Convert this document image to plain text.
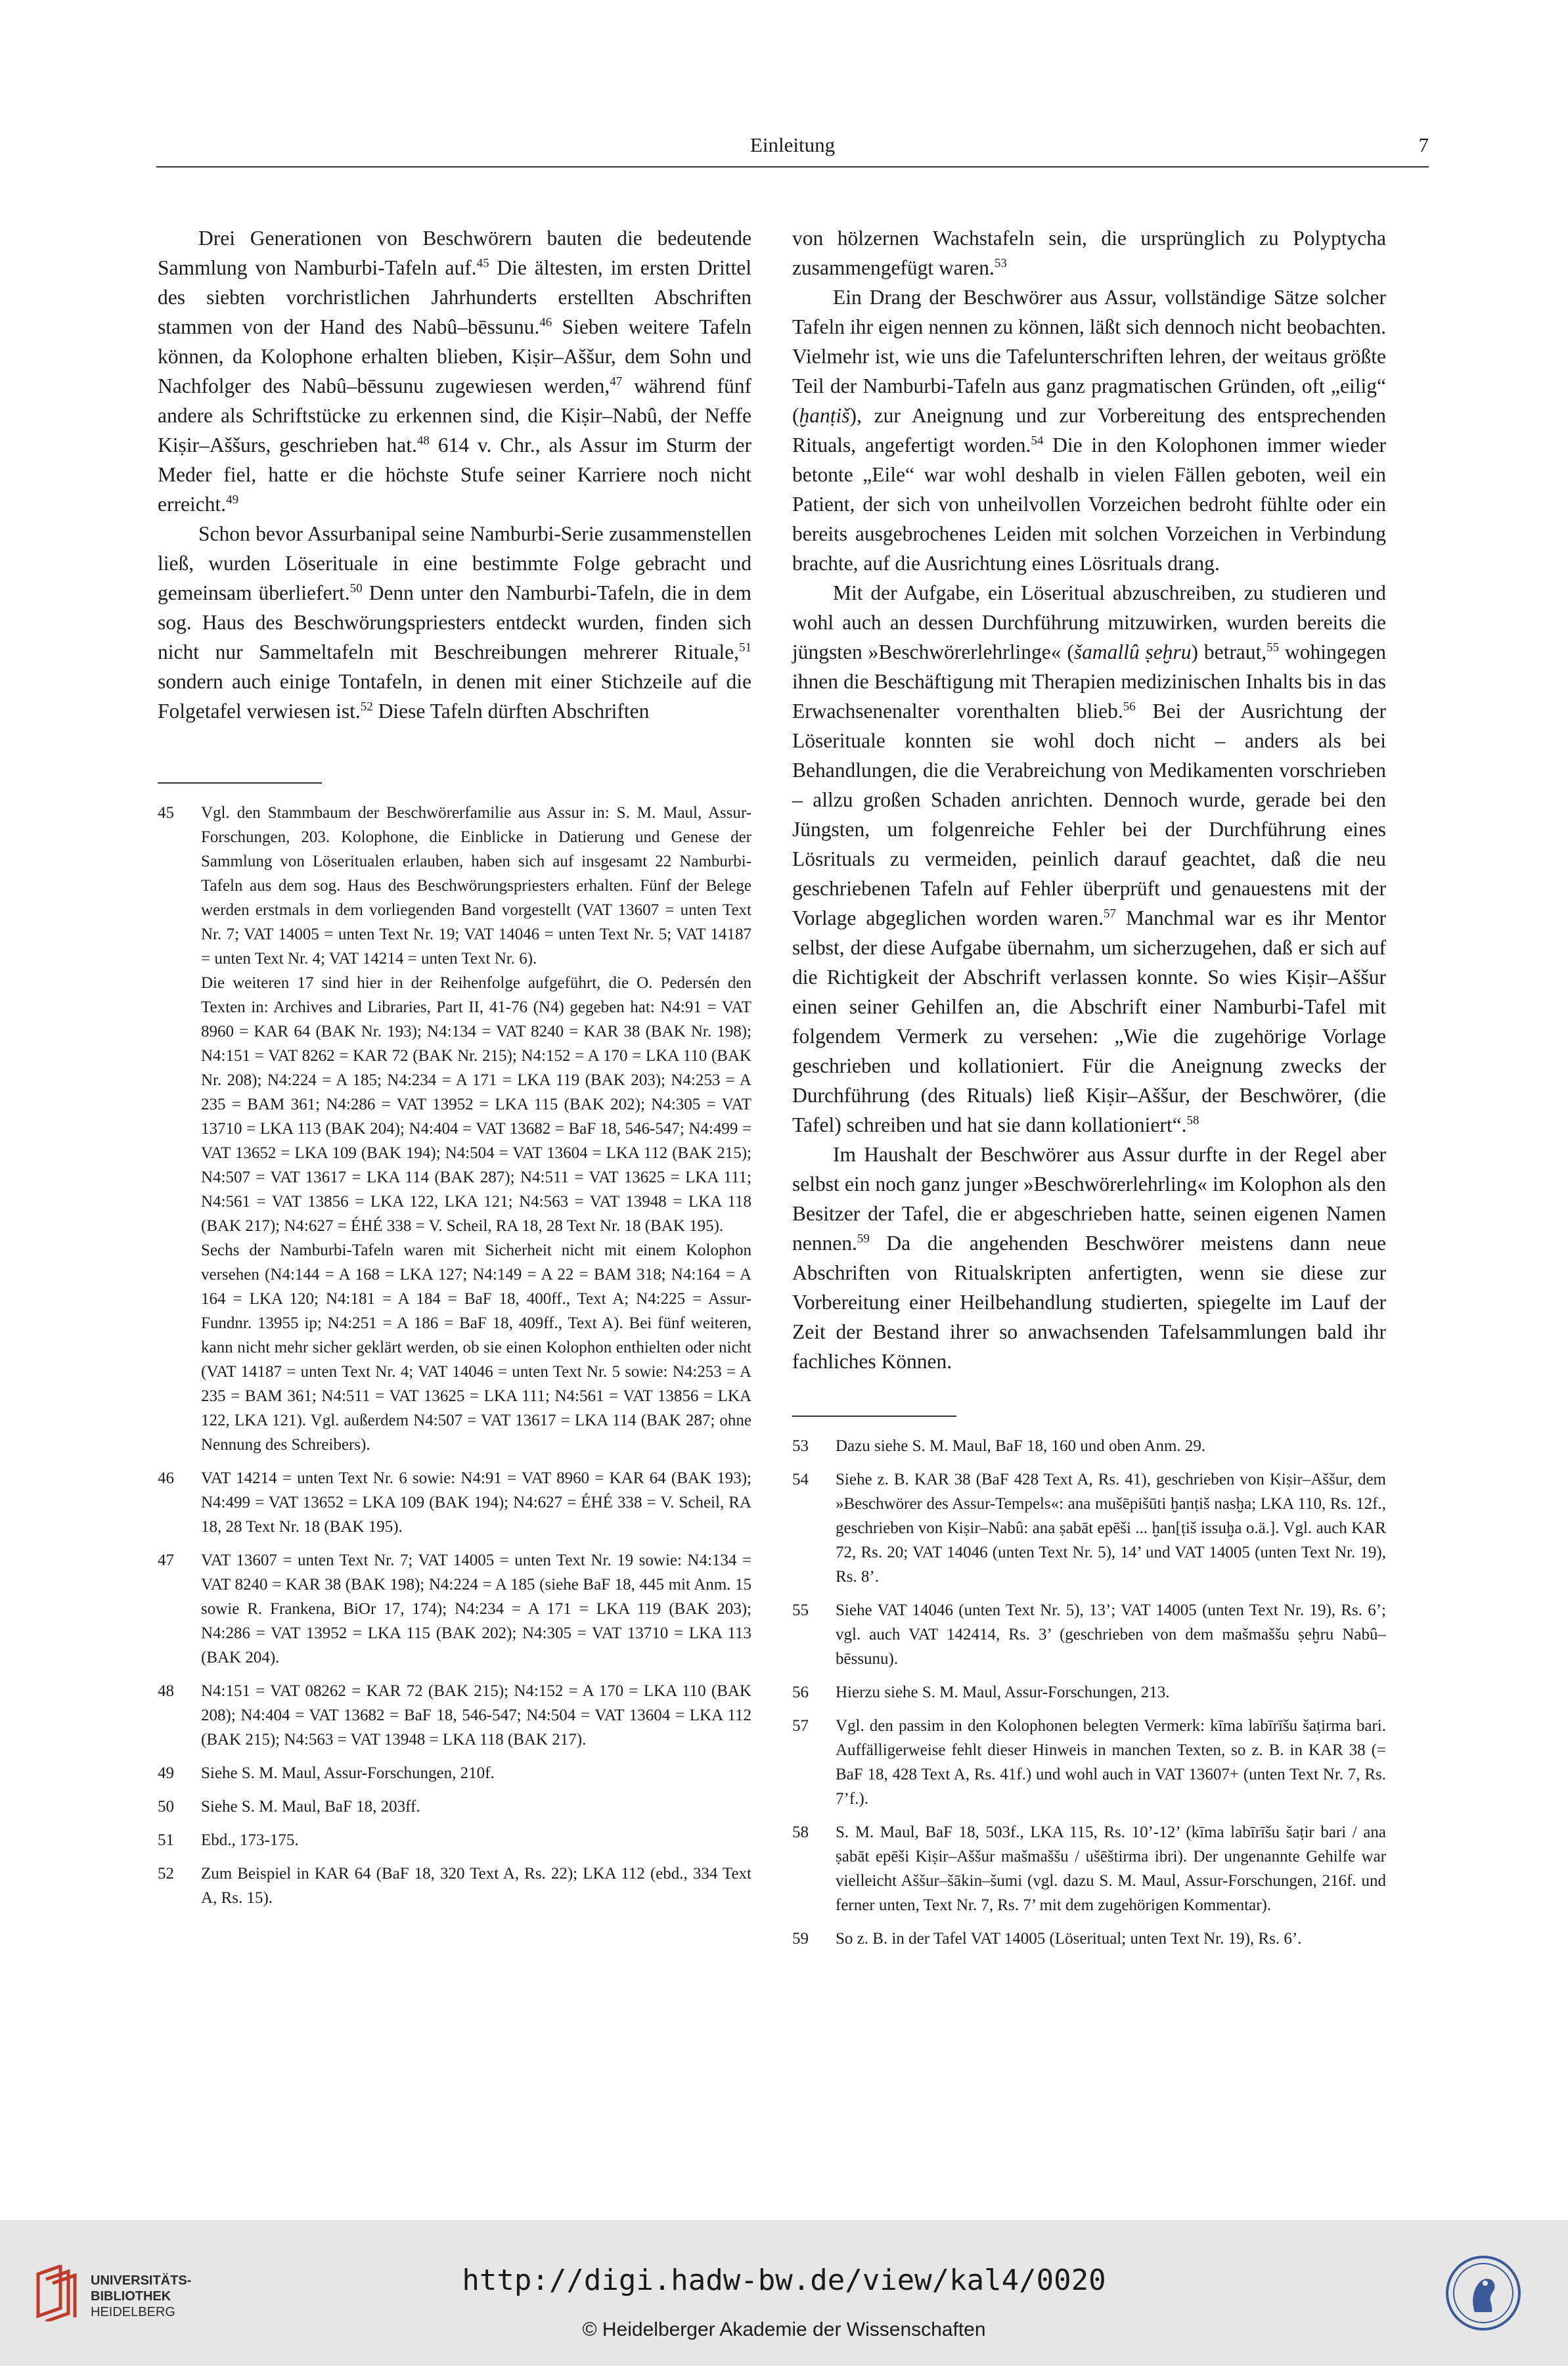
Einleitung	7

Drei Generationen von Beschwörern bauten die bedeutende Sammlung von Namburbi-Tafeln auf.$^{45}$ Die ältesten, im ersten Drittel des siebten vorchristlichen Jahrhunderts erstellten Abschriften stammen von der Hand des Nabû–bēssunu.$^{46}$ Sieben weitere Tafeln können, da Kolophone erhalten blieben, Kiṣir–Aššur, dem Sohn und Nachfolger des Nabû–bēssunu zugewiesen werden,$^{47}$ während fünf andere als Schriftstücke zu erkennen sind, die Kiṣir–Nabû, der Neffe Kiṣir–Aššurs, geschrieben hat.$^{48}$ 614 v. Chr., als Assur im Sturm der Meder fiel, hatte er die höchste Stufe seiner Karriere noch nicht erreicht.$^{49}$

Schon bevor Assurbanipal seine Namburbi-Serie zusammenstellen ließ, wurden Löserituale in eine bestimmte Folge gebracht und gemeinsam überliefert.$^{50}$ Denn unter den Namburbi-Tafeln, die in dem sog. Haus des Beschwörungspriesters entdeckt wurden, finden sich nicht nur Sammeltafeln mit Beschreibungen mehrerer Rituale,$^{51}$ sondern auch einige Tontafeln, in denen mit einer Stichzeile auf die Folgetafel verwiesen ist.$^{52}$ Diese Tafeln dürften Abschriften

45 Vgl. den Stammbaum der Beschwörerfamilie aus Assur in: S. M. Maul, Assur-Forschungen, 203. Kolophone, die Einblicke in Datierung und Genese der Sammlung von Löseritualen erlauben, haben sich auf insgesamt 22 Namburbi-Tafeln aus dem sog. Haus des Beschwörungspriesters erhalten. Fünf der Belege werden erstmals in dem vorliegenden Band vorgestellt (VAT 13607 = unten Text Nr. 7; VAT 14005 = unten Text Nr. 19; VAT 14046 = unten Text Nr. 5; VAT 14187 = unten Text Nr. 4; VAT 14214 = unten Text Nr. 6).
Die weiteren 17 sind hier in der Reihenfolge aufgeführt, die O. Pedersén den Texten in: Archives and Libraries, Part II, 41-76 (N4) gegeben hat: N4:91 = VAT 8960 = KAR 64 (BAK Nr. 193); N4:134 = VAT 8240 = KAR 38 (BAK Nr. 198); N4:151 = VAT 8262 = KAR 72 (BAK Nr. 215); N4:152 = A 170 = LKA 110 (BAK Nr. 208); N4:224 = A 185; N4:234 = A 171 = LKA 119 (BAK 203); N4:253 = A 235 = BAM 361; N4:286 = VAT 13952 = LKA 115 (BAK 202); N4:305 = VAT 13710 = LKA 113 (BAK 204); N4:404 = VAT 13682 = BaF 18, 546-547; N4:499 = VAT 13652 = LKA 109 (BAK 194); N4:504 = VAT 13604 = LKA 112 (BAK 215); N4:507 = VAT 13617 = LKA 114 (BAK 287); N4:511 = VAT 13625 = LKA 111; N4:561 = VAT 13856 = LKA 122, LKA 121; N4:563 = VAT 13948 = LKA 118 (BAK 217); N4:627 = ÉHÉ 338 = V. Scheil, RA 18, 28 Text Nr. 18 (BAK 195).
Sechs der Namburbi-Tafeln waren mit Sicherheit nicht mit einem Kolophon versehen (N4:144 = A 168 = LKA 127; N4:149 = A 22 = BAM 318; N4:164 = A 164 = LKA 120; N4:181 = A 184 = BaF 18, 400ff., Text A; N4:225 = Assur-Fundnr. 13955 ip; N4:251 = A 186 = BaF 18, 409ff., Text A). Bei fünf weiteren, kann nicht mehr sicher geklärt werden, ob sie einen Kolophon enthielten oder nicht (VAT 14187 = unten Text Nr. 4; VAT 14046 = unten Text Nr. 5 sowie: N4:253 = A 235 = BAM 361; N4:511 = VAT 13625 = LKA 111; N4:561 = VAT 13856 = LKA 122, LKA 121). Vgl. außerdem N4:507 = VAT 13617 = LKA 114 (BAK 287; ohne Nennung des Schreibers).
46 VAT 14214 = unten Text Nr. 6 sowie: N4:91 = VAT 8960 = KAR 64 (BAK 193); N4:499 = VAT 13652 = LKA 109 (BAK 194); N4:627 = ÉHÉ 338 = V. Scheil, RA 18, 28 Text Nr. 18 (BAK 195).
47 VAT 13607 = unten Text Nr. 7; VAT 14005 = unten Text Nr. 19 sowie: N4:134 = VAT 8240 = KAR 38 (BAK 198); N4:224 = A 185 (siehe BaF 18, 445 mit Anm. 15 sowie R. Frankena, BiOr 17, 174); N4:234 = A 171 = LKA 119 (BAK 203); N4:286 = VAT 13952 = LKA 115 (BAK 202); N4:305 = VAT 13710 = LKA 113 (BAK 204).
48 N4:151 = VAT 08262 = KAR 72 (BAK 215); N4:152 = A 170 = LKA 110 (BAK 208); N4:404 = VAT 13682 = BaF 18, 546-547; N4:504 = VAT 13604 = LKA 112 (BAK 215); N4:563 = VAT 13948 = LKA 118 (BAK 217).
49 Siehe S. M. Maul, Assur-Forschungen, 210f.
50 Siehe S. M. Maul, BaF 18, 203ff.
51 Ebd., 173-175.
52 Zum Beispiel in KAR 64 (BaF 18, 320 Text A, Rs. 22); LKA 112 (ebd., 334 Text A, Rs. 15).

von hölzernen Wachstafeln sein, die ursprünglich zu Polyptycha zusammengefügt waren.$^{53}$

Ein Drang der Beschwörer aus Assur, vollständige Sätze solcher Tafeln ihr eigen nennen zu können, läßt sich dennoch nicht beobachten. Vielmehr ist, wie uns die Tafelunterschriften lehren, der weitaus größte Teil der Namburbi-Tafeln aus ganz pragmatischen Gründen, oft „eilig“ (ḫanṭiš), zur Aneignung und zur Vorbereitung des entsprechenden Rituals, angefertigt worden.$^{54}$ Die in den Kolophonen immer wieder betonte „Eile“ war wohl deshalb in vielen Fällen geboten, weil ein Patient, der sich von unheilvollen Vorzeichen bedroht fühlte oder ein bereits ausgebrochenes Leiden mit solchen Vorzeichen in Verbindung brachte, auf die Ausrichtung eines Lösrituals drang.

Mit der Aufgabe, ein Löseritual abzuschreiben, zu studieren und wohl auch an dessen Durchführung mitzuwirken, wurden bereits die jüngsten »Beschwörerlehrlinge« (šamallû ṣeḫru) betraut,$^{55}$ wohingegen ihnen die Beschäftigung mit Therapien medizinischen Inhalts bis in das Erwachsenenalter vorenthalten blieb.$^{56}$ Bei der Ausrichtung der Löserituale konnten sie wohl doch nicht – anders als bei Behandlungen, die die Verabreichung von Medikamenten vorschrieben – allzu großen Schaden anrichten. Dennoch wurde, gerade bei den Jüngsten, um folgenreiche Fehler bei der Durchführung eines Lösrituals zu vermeiden, peinlich darauf geachtet, daß die neu geschriebenen Tafeln auf Fehler überprüft und genauestens mit der Vorlage abgeglichen worden waren.$^{57}$ Manchmal war es ihr Mentor selbst, der diese Aufgabe übernahm, um sicherzugehen, daß er sich auf die Richtigkeit der Abschrift verlassen konnte. So wies Kiṣir–Aššur einen seiner Gehilfen an, die Abschrift einer Namburbi-Tafel mit folgendem Vermerk zu versehen: „Wie die zugehörige Vorlage geschrieben und kollationiert. Für die Aneignung zwecks der Durchführung (des Rituals) ließ Kiṣir–Aššur, der Beschwörer, (die Tafel) schreiben und hat sie dann kollationiert“.$^{58}$

Im Haushalt der Beschwörer aus Assur durfte in der Regel aber selbst ein noch ganz junger »Beschwörerlehrling« im Kolophon als den Besitzer der Tafel, die er abgeschrieben hatte, seinen eigenen Namen nennen.$^{59}$ Da die angehenden Beschwörer meistens dann neue Abschriften von Ritualskripten anfertigten, wenn sie diese zur Vorbereitung einer Heilbehandlung studierten, spiegelte im Lauf der Zeit der Bestand ihrer so anwachsenden Tafelsammlungen bald ihr fachliches Können.

53 Dazu siehe S. M. Maul, BaF 18, 160 und oben Anm. 29.
54 Siehe z. B. KAR 38 (BaF 428 Text A, Rs. 41), geschrieben von Kiṣir–Aššur, dem »Beschwörer des Assur-Tempels«: ana mušēpišūti ḫanṭiš nasḫa; LKA 110, Rs. 12f., geschrieben von Kiṣir–Nabû: ana ṣabāt epēši ... ḫan[ṭiš issuḫa o.ä.]. Vgl. auch KAR 72, Rs. 20; VAT 14046 (unten Text Nr. 5), 14’ und VAT 14005 (unten Text Nr. 19), Rs. 8’.
55 Siehe VAT 14046 (unten Text Nr. 5), 13’; VAT 14005 (unten Text Nr. 19), Rs. 6’; vgl. auch VAT 142414, Rs. 3’ (geschrieben von dem mašmaššu ṣeḫru Nabû–bēssunu).
56 Hierzu siehe S. M. Maul, Assur-Forschungen, 213.
57 Vgl. den passim in den Kolophonen belegten Vermerk: kīma labīrīšu šaṭirma bari. Auffälligerweise fehlt dieser Hinweis in manchen Texten, so z. B. in KAR 38 (= BaF 18, 428 Text A, Rs. 41f.) und wohl auch in VAT 13607+ (unten Text Nr. 7, Rs. 7’f.).
58 S. M. Maul, BaF 18, 503f., LKA 115, Rs. 10’-12’ (kīma labīrīšu šaṭir bari / ana ṣabāt epēši Kiṣir–Aššur mašmaššu / ušēštirma ibri). Der ungenannte Gehilfe war vielleicht Aššur–šākin–šumi (vgl. dazu S. M. Maul, Assur-Forschungen, 216f. und ferner unten, Text Nr. 7, Rs. 7’ mit dem zugehörigen Kommentar).
59 So z. B. in der Tafel VAT 14005 (Löseritual; unten Text Nr. 19), Rs. 6’.
UNIVERSITÄTS-
BIBLIOTHEK
HEIDELBERG
http://digi.hadw-bw.de/view/kal4/0020
© Heidelberger Akademie der Wissenschaften
